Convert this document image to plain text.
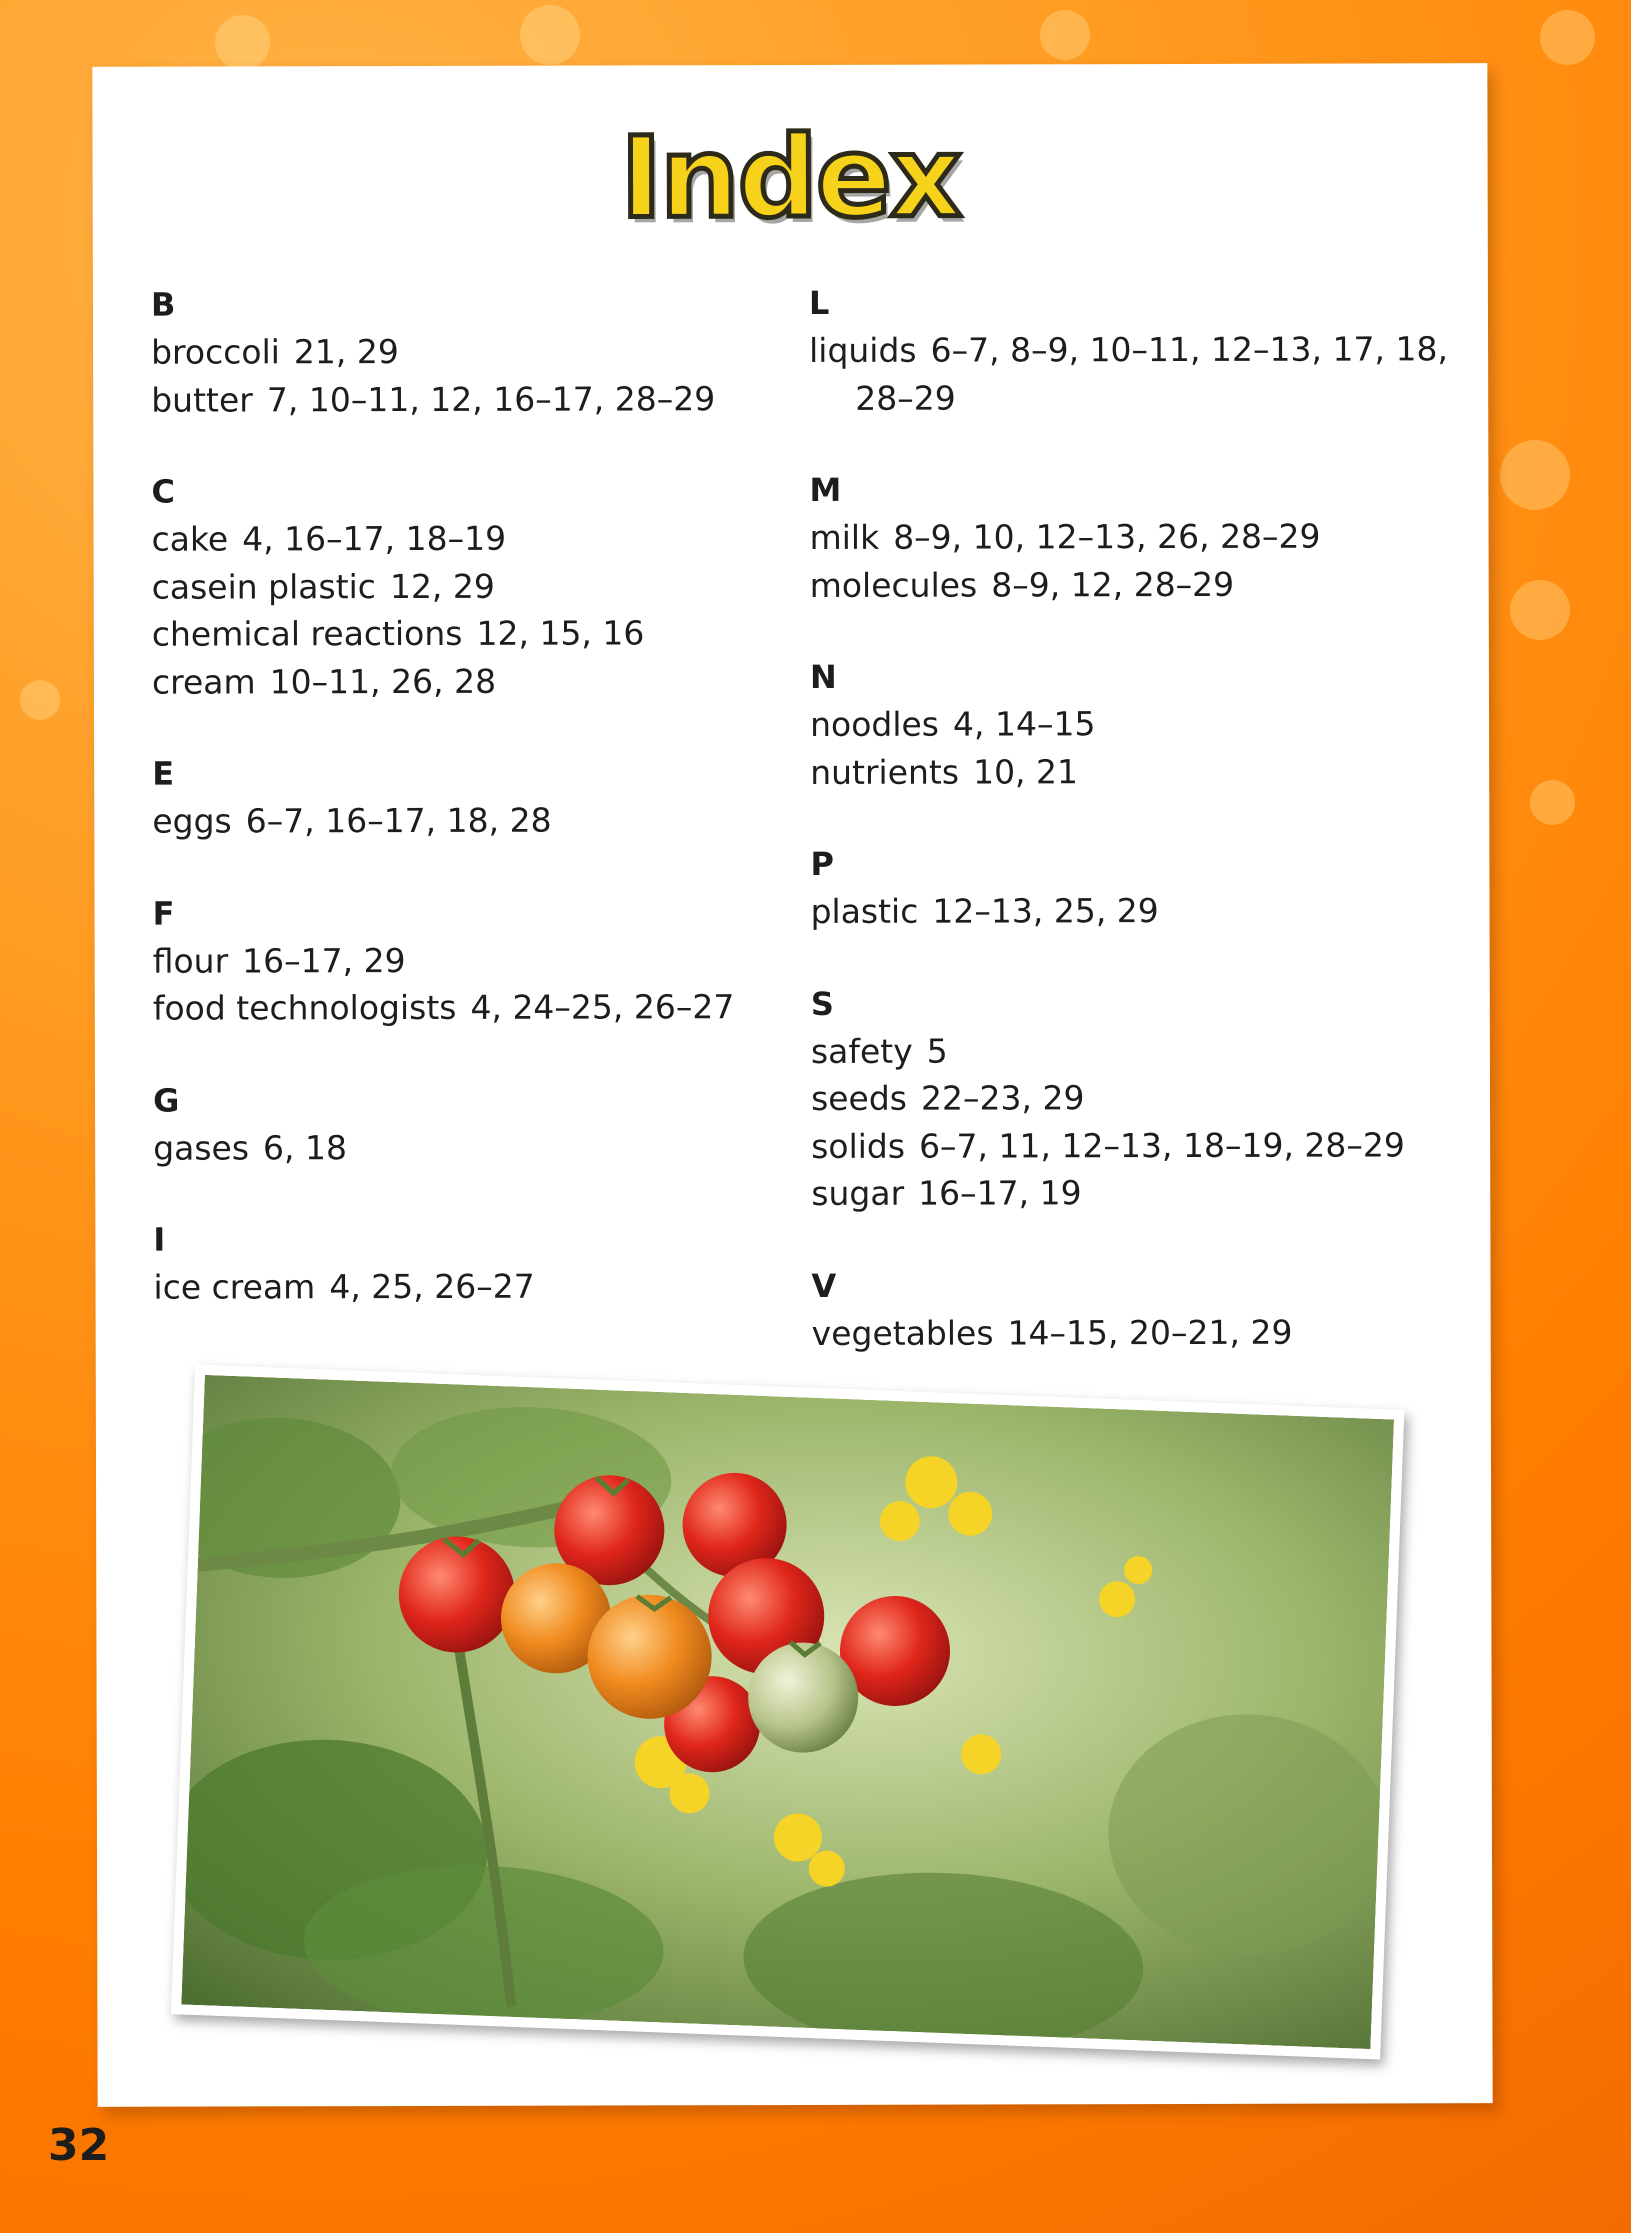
Index
B
broccoli 21, 29
butter 7, 10–11, 12, 16–17, 28–29
C
cake 4, 16–17, 18–19
casein plastic 12, 29
chemical reactions 12, 15, 16
cream 10–11, 26, 28
E
eggs 6–7, 16–17, 18, 28
F
flour 16–17, 29
food technologists 4, 24–25, 26–27
G
gases 6, 18
I
ice cream 4, 25, 26–27
L
liquids 6–7, 8–9, 10–11, 12–13, 17, 18, 28–29
M
milk 8–9, 10, 12–13, 26, 28–29
molecules 8–9, 12, 28–29
N
noodles 4, 14–15
nutrients 10, 21
P
plastic 12–13, 25, 29
S
safety 5
seeds 22–23, 29
solids 6–7, 11, 12–13, 18–19, 28–29
sugar 16–17, 19
V
vegetables 14–15, 20–21, 29
32
